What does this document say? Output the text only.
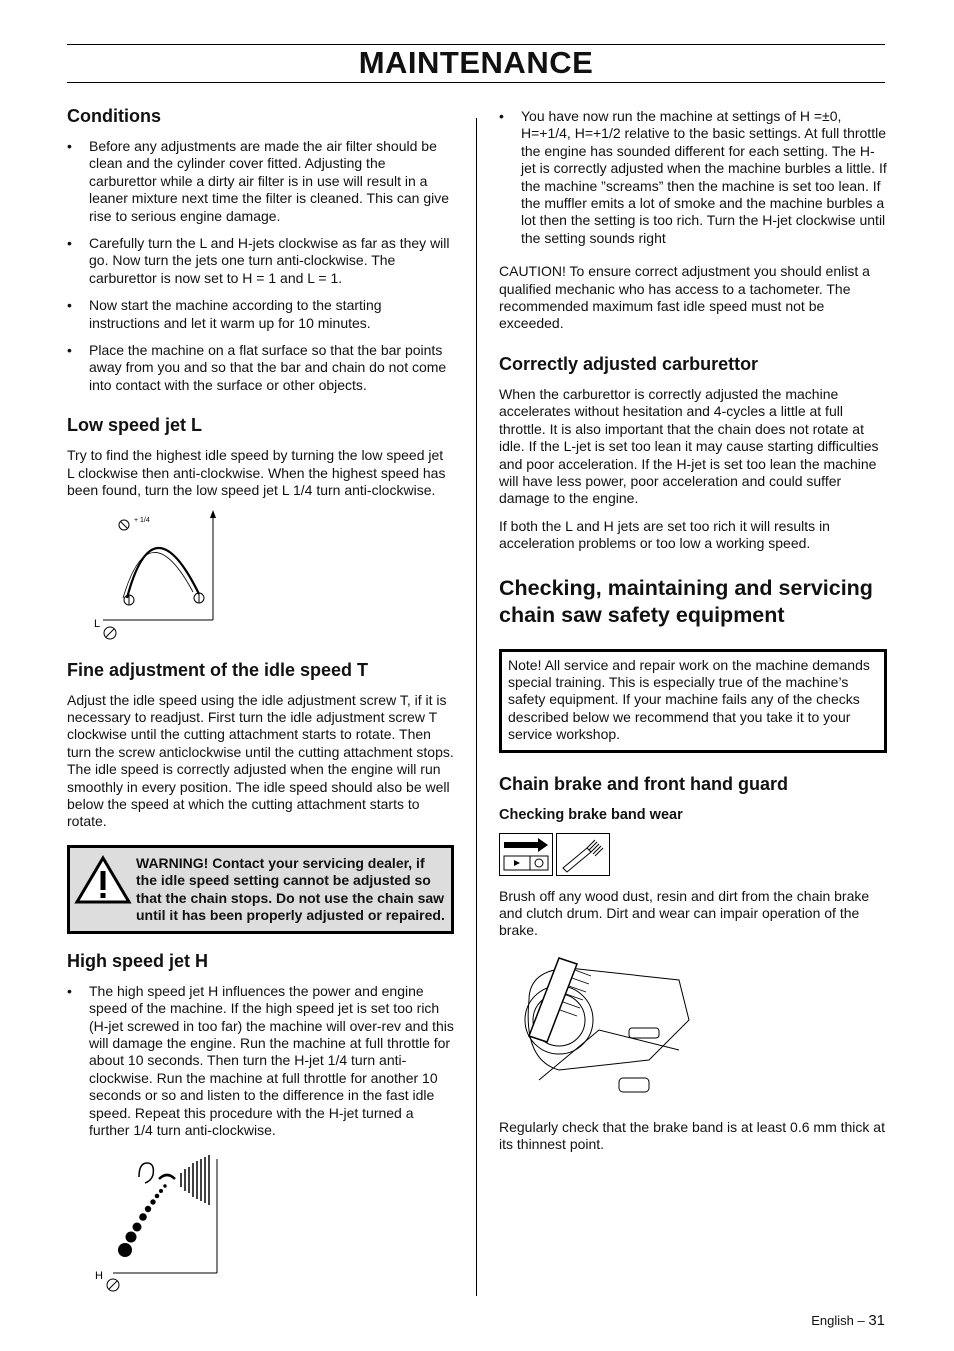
MAINTENANCE
Conditions
• Before any adjustments are made the air filter should be clean and the cylinder cover fitted. Adjusting the carburettor while a dirty air filter is in use will result in a leaner mixture next time the filter is cleaned. This can give rise to serious engine damage.
• Carefully turn the L and H-jets clockwise as far as they will go. Now turn the jets one turn anti-clockwise. The carburettor is now set to H = 1 and L = 1.
• Now start the machine according to the starting instructions and let it warm up for 10 minutes.
• Place the machine on a flat surface so that the bar points away from you and so that the bar and chain do not come into contact with the surface or other objects.
Low speed jet L

Try to find the highest idle speed by turning the low speed jet L clockwise then anti-clockwise. When the highest speed has been found, turn the low speed jet L 1/4 turn anti-clockwise.

+ 1/4
L
Fine adjustment of the idle speed T

Adjust the idle speed using the idle adjustment screw T, if it is necessary to readjust. First turn the idle adjustment screw T clockwise until the cutting attachment starts to rotate. Then turn the screw anticlockwise until the cutting attachment stops. The idle speed is correctly adjusted when the engine will run smoothly in every position. The idle speed should also be well below the speed at which the cutting attachment starts to rotate.

WARNING! Contact your servicing dealer, if the idle speed setting cannot be adjusted so that the chain stops. Do not use the chain saw until it has been properly adjusted or repaired.
High speed jet H
• The high speed jet H influences the power and engine speed of the machine. If the high speed jet is set too rich (H-jet screwed in too far) the machine will over-rev and this will damage the engine. Run the machine at full throttle for about 10 seconds. Then turn the H-jet 1/4 turn anti-clockwise. Run the machine at full throttle for another 10 seconds or so and listen to the difference in the fast idle speed. Repeat this procedure with the H-jet turned a further 1/4 turn anti-clockwise.
H
• You have now run the machine at settings of H =±0, H=+1/4, H=+1/2 relative to the basic settings. At full throttle the engine has sounded different for each setting. The H-jet is correctly adjusted when the machine burbles a little. If the machine ”screams” then the machine is set too lean. If the muffler emits a lot of smoke and the machine burbles a lot then the setting is too rich. Turn the H-jet clockwise until the setting sounds right

CAUTION! To ensure correct adjustment you should enlist a qualified mechanic who has access to a tachometer. The recommended maximum fast idle speed must not be exceeded.

Correctly adjusted carburettor

When the carburettor is correctly adjusted the machine accelerates without hesitation and 4-cycles a little at full throttle. It is also important that the chain does not rotate at idle. If the L-jet is set too lean it may cause starting difficulties and poor acceleration. If the H-jet is set too lean the machine will have less power, poor acceleration and could suffer damage to the engine.

If both the L and H jets are set too rich it will results in acceleration problems or too low a working speed.

Checking, maintaining and servicing chain saw safety equipment

Note! All service and repair work on the machine demands special training. This is especially true of the machine’s safety equipment. If your machine fails any of the checks described below we recommend that you take it to your service workshop.

Chain brake and front hand guard
Checking brake band wear

Brush off any wood dust, resin and dirt from the chain brake and clutch drum. Dirt and wear can impair operation of the brake.

Regularly check that the brake band is at least 0.6 mm thick at its thinnest point.

English – 31
